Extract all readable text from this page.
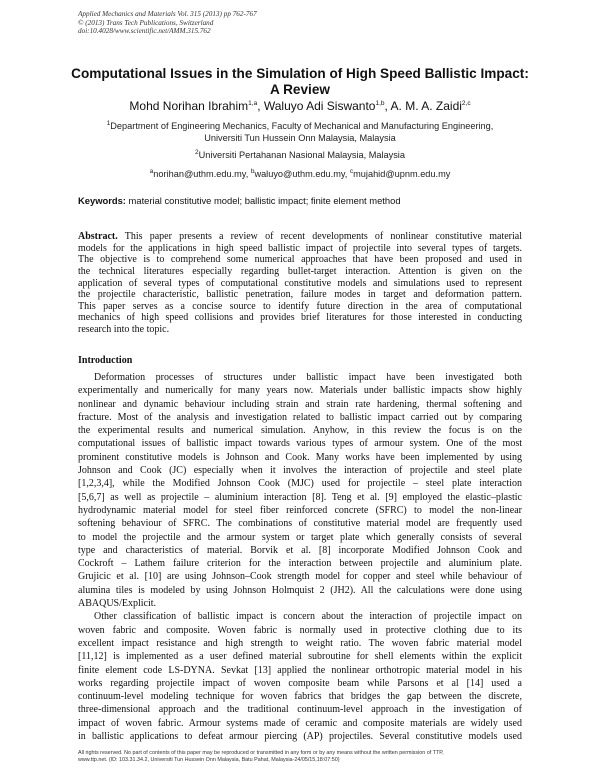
Applied Mechanics and Materials Vol. 315 (2013) pp 762-767
© (2013) Trans Tech Publications, Switzerland
doi:10.4028/www.scientific.net/AMM.315.762
Computational Issues in the Simulation of High Speed Ballistic Impact:
A Review
Mohd Norihan Ibrahim$^{1,a}$, Waluyo Adi Siswanto$^{1,b}$, A. M. A. Zaidi$^{2,c}$
$^1$Department of Engineering Mechanics, Faculty of Mechanical and Manufacturing Engineering,
Universiti Tun Hussein Onn Malaysia, Malaysia
$^2$Universiti Pertahanan Nasional Malaysia, Malaysia
$^a$norihan@uthm.edu.my, $^b$waluyo@uthm.edu.my, $^c$mujahid@upnm.edu.my
Keywords: material constitutive model; ballistic impact; finite element method
Abstract. This paper presents a review of recent developments of nonlinear constitutive material
models for the applications in high speed ballistic impact of projectile into several types of targets.
The objective is to comprehend some numerical approaches that have been proposed and used in
the technical literatures especially regarding bullet-target interaction. Attention is given on the
application of several types of computational constitutive models and simulations used to represent
the projectile characteristic, ballistic penetration, failure modes in target and deformation pattern.
This paper serves as a concise source to identify future direction in the area of computational
mechanics of high speed collisions and provides brief literatures for those interested in conducting
research into the topic.
Introduction
Deformation processes of structures under ballistic impact have been investigated both
experimentally and numerically for many years now. Materials under ballistic impacts show highly
nonlinear and dynamic behaviour including strain and strain rate hardening, thermal softening and
fracture. Most of the analysis and investigation related to ballistic impact carried out by comparing
the experimental results and numerical simulation. Anyhow, in this review the focus is on the
computational issues of ballistic impact towards various types of armour system. One of the most
prominent constitutive models is Johnson and Cook. Many works have been implemented by using
Johnson and Cook (JC) especially when it involves the interaction of projectile and steel plate
[1,2,3,4], while the Modified Johnson Cook (MJC) used for projectile – steel plate interaction
[5,6,7] as well as projectile – aluminium interaction [8]. Teng et al. [9] employed the elastic–plastic
hydrodynamic material model for steel fiber reinforced concrete (SFRC) to model the non-linear
softening behaviour of SFRC. The combinations of constitutive material model are frequently used
to model the projectile and the armour system or target plate which generally consists of several
type and characteristics of material. Borvik et al. [8] incorporate Modified Johnson Cook and
Cockroft – Lathem failure criterion for the interaction between projectile and aluminium plate.
Grujicic et al. [10] are using Johnson–Cook strength model for copper and steel while behaviour of
alumina tiles is modeled by using Johnson Holmquist 2 (JH2). All the calculations were done using
ABAQUS/Explicit.
Other classification of ballistic impact is concern about the interaction of projectile impact on
woven fabric and composite. Woven fabric is normally used in protective clothing due to its
excellent impact resistance and high strength to weight ratio. The woven fabric material model
[11,12] is implemented as a user defined material subroutine for shell elements within the explicit
finite element code LS-DYNA. Sevkat [13] applied the nonlinear orthotropic material model in his
works regarding projectile impact of woven composite beam while Parsons et al [14] used a
continuum-level modeling technique for woven fabrics that bridges the gap between the discrete,
three-dimensional approach and the traditional continuum-level approach in the investigation of
impact of woven fabric. Armour systems made of ceramic and composite materials are widely used
in ballistic applications to defeat armour piercing (AP) projectiles. Several constitutive models used
All rights reserved. No part of contents of this paper may be reproduced or transmitted in any form or by any means without the written permission of TTP,
www.ttp.net. (ID: 103.31.34.2, Universiti Tun Hussein Onn Malaysia, Batu Pahat, Malaysia-24/05/15,18:07:50)
